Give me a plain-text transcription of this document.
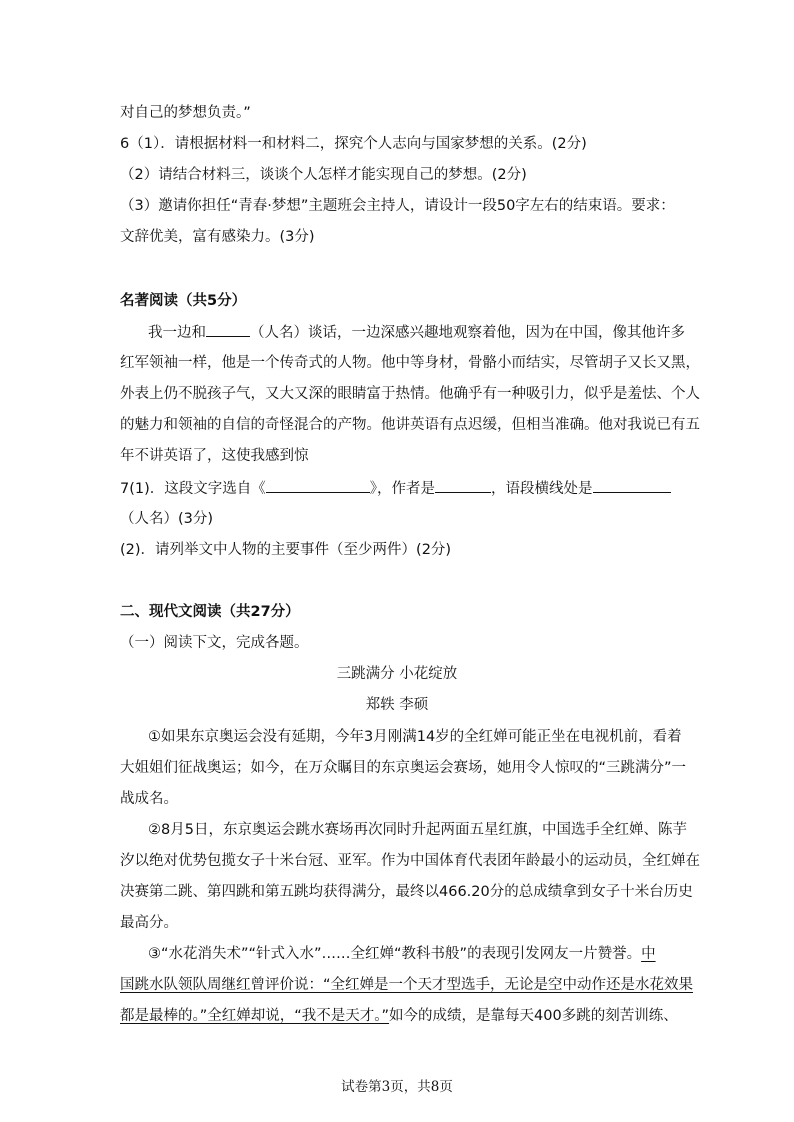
对自己的梦想负责。”
6（1）．请根据材料一和材料二，探究个人志向与国家梦想的关系。(2分)
（2）请结合材料三，谈谈个人怎样才能实现自己的梦想。(2分)
（3）邀请你担任“青春·梦想”主题班会主持人，请设计一段50字左右的结束语。要求：
文辞优美，富有感染力。(3分)
名著阅读（共5分）
我一边和	（人名）谈话，一边深感兴趣地观察着他，因为在中国，像其他许多
红军领袖一样，他是一个传奇式的人物。他中等身材，骨骼小而结实，尽管胡子又长又黑，
外表上仍不脱孩子气，又大又深的眼睛富于热情。他确乎有一种吸引力，似乎是羞怯、个人
的魅力和领袖的自信的奇怪混合的产物。他讲英语有点迟缓，但相当准确。他对我说已有五
年不讲英语了，这使我感到惊
7(1)．这段文字选自《	》，作者是	，语段横线处是
（人名）(3分)
(2)．请列举文中人物的主要事件（至少两件）(2分)
二、现代文阅读（共27分）
（一）阅读下文，完成各题。
三跳满分 小花绽放
郑轶 李硕
①如果东京奥运会没有延期，今年3月刚满14岁的全红婵可能正坐在电视机前，看着
大姐姐们征战奥运；如今，在万众瞩目的东京奥运会赛场，她用令人惊叹的“三跳满分”一
战成名。
②8月5日，东京奥运会跳水赛场再次同时升起两面五星红旗，中国选手全红婵、陈芋
汐以绝对优势包揽女子十米台冠、亚军。作为中国体育代表团年龄最小的运动员，全红婵在
决赛第二跳、第四跳和第五跳均获得满分，最终以466.20分的总成绩拿到女子十米台历史
最高分。
③“水花消失术”“针式入水”……全红婵“教科书般”的表现引发网友一片赞誉。中
国跳水队领队周继红曾评价说：“全红婵是一个天才型选手，无论是空中动作还是水花效果
都是最棒的。”全红婵却说，“我不是天才。”如今的成绩，是靠每天400多跳的刻苦训练、
试卷第3页，共8页
